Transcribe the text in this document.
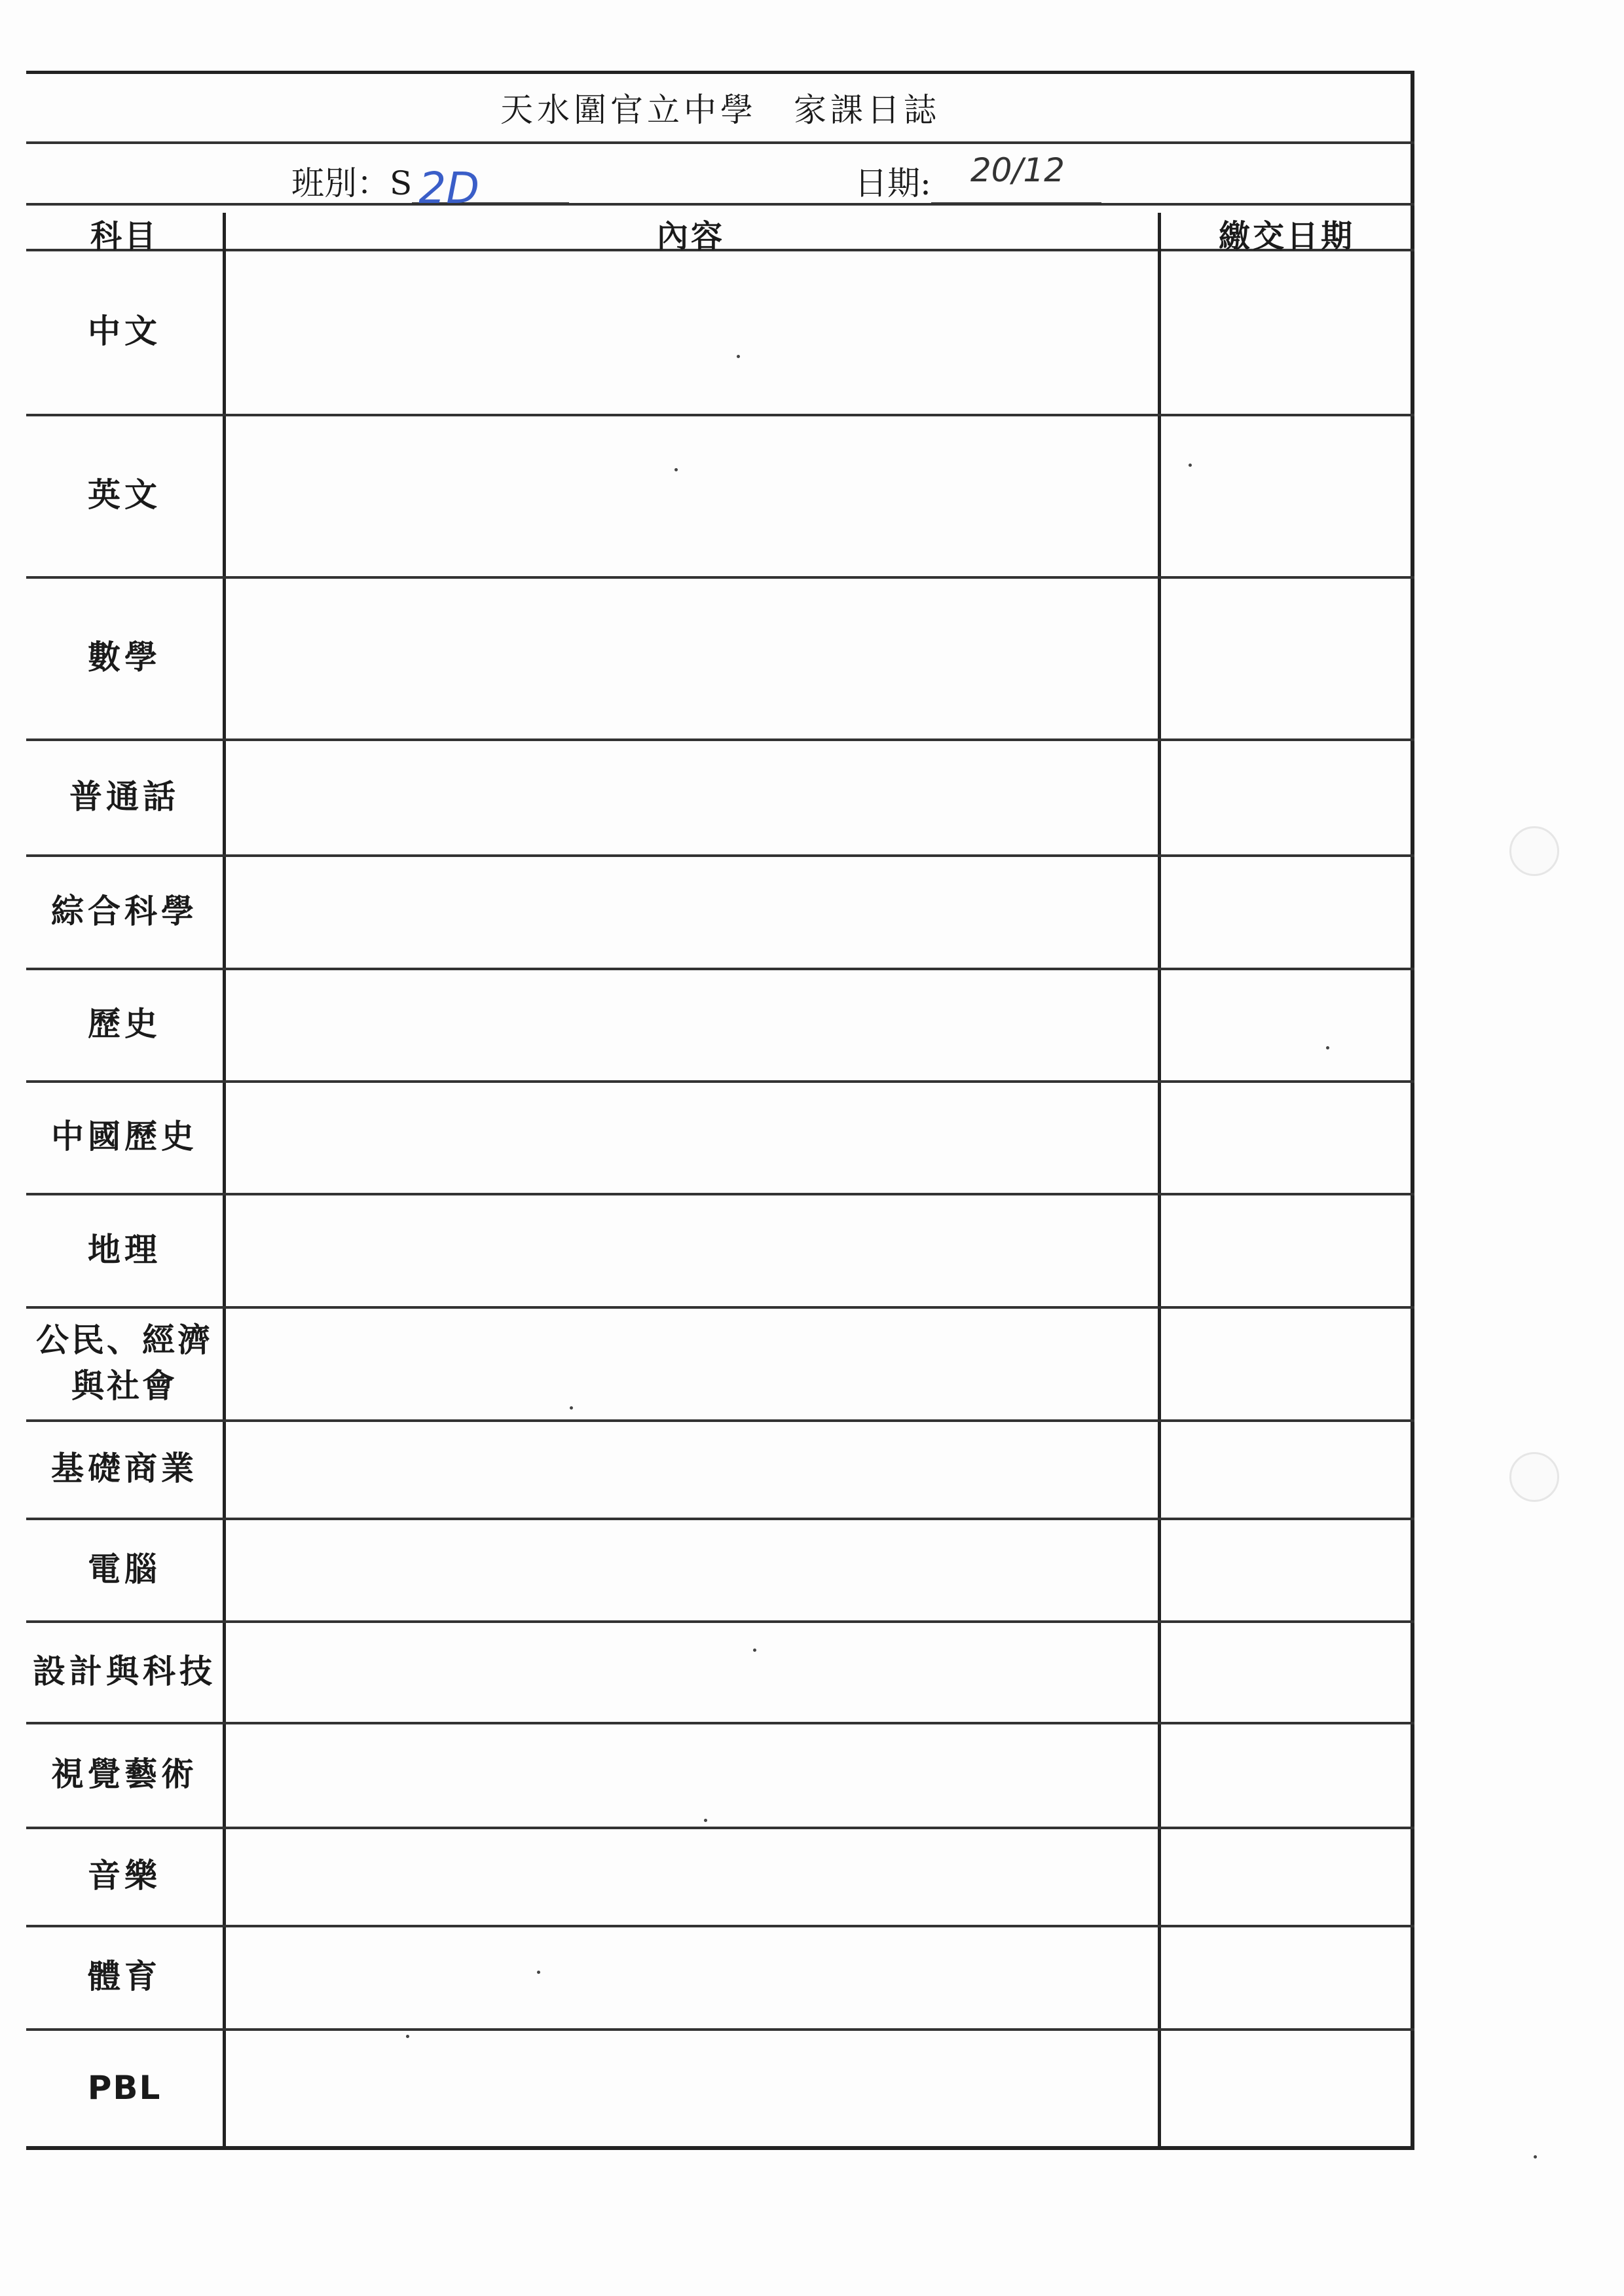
天水圍官立中學　家課日誌
班別：S 2D	日期: 20/12
科目	內容	繳交日期
中文
英文
數學
普通話
綜合科學
歷史
中國歷史
地理
公民、經濟與社會
基礎商業
電腦
設計與科技
視覺藝術
音樂
體育
PBL
